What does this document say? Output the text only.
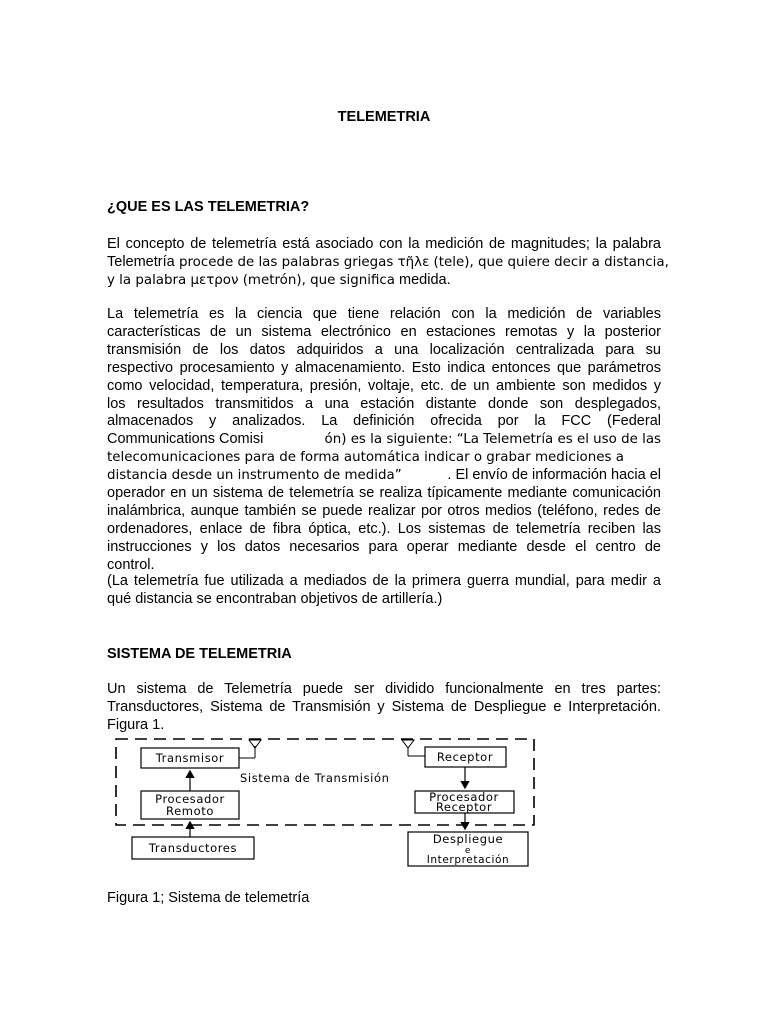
TELEMETRIA
¿QUE ES LAS TELEMETRIA?
El concepto de telemetría está asociado con la medición de magnitudes; la palabra
Telemetría procede de las palabras griegas τῆλε (tele), que quiere decir a distancia,
y la palabra μετρον (metrón), que significa medida.
La telemetría es la ciencia que tiene relación con la medición de variables
características de un sistema electrónico en estaciones remotas y la posterior
transmisión de los datos adquiridos a una localización centralizada para su
respectivo procesamiento y almacenamiento. Esto indica entonces que parámetros
como velocidad, temperatura, presión, voltaje, etc. de un ambiente son medidos y
los resultados transmitidos a una estación distante donde son desplegados,
almacenados y analizados. La definición ofrecida por la FCC (Federal
Communications Comisi	ón) es la siguiente: “La Telemetría es el uso de las
telecomunicaciones para de forma automática indicar o grabar mediciones a
distancia desde un instrumento de medida”	. El envío de información hacia el
operador en un sistema de telemetría se realiza típicamente mediante comunicación
inalámbrica, aunque también se puede realizar por otros medios (teléfono, redes de
ordenadores, enlace de fibra óptica, etc.). Los sistemas de telemetría reciben las
instrucciones y los datos necesarios para operar mediante desde el centro de
control.
(La telemetría fue utilizada a mediados de la primera guerra mundial, para medir a
qué distancia se encontraban objetivos de artillería.)
SISTEMA DE TELEMETRIA
Un sistema de Telemetría puede ser dividido funcionalmente en tres partes:
Transductores, Sistema de Transmisión y Sistema de Despliegue e Interpretación.
Figura 1.
Sistema de Transmisión
Transmisor
Procesador
Remoto
Transductores
Receptor
Procesador
Receptor
Despliegue
e
Interpretación
Figura 1; Sistema de telemetría
